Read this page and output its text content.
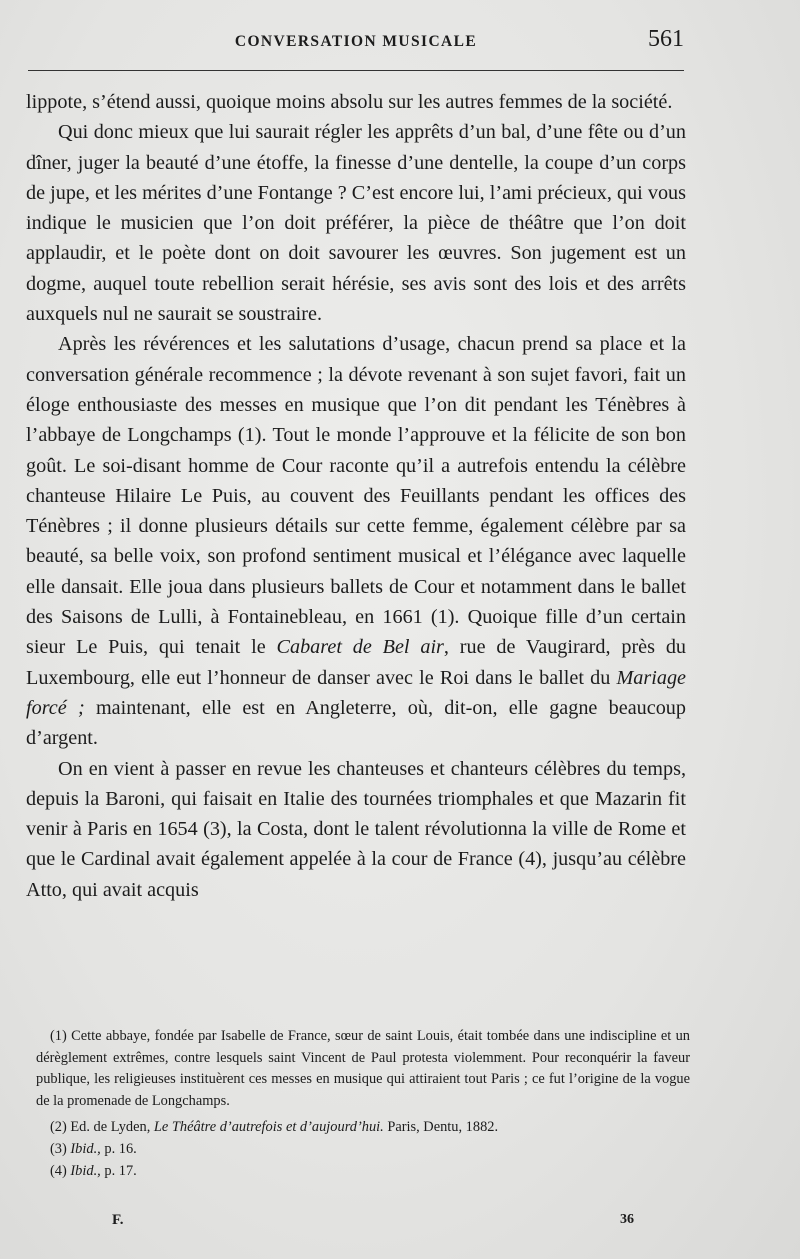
CONVERSATION MUSICALE	561

lippote, s’étend aussi, quoique moins absolu sur les autres femmes de la société.

Qui donc mieux que lui saurait régler les apprêts d’un bal, d’une fête ou d’un dîner, juger la beauté d’une étoffe, la finesse d’une dentelle, la coupe d’un corps de jupe, et les mérites d’une Fontange ? C’est encore lui, l’ami précieux, qui vous indique le musicien que l’on doit préférer, la pièce de théâtre que l’on doit applaudir, et le poète dont on doit savourer les œuvres. Son jugement est un dogme, auquel toute rebellion serait hérésie, ses avis sont des lois et des arrêts auxquels nul ne saurait se soustraire.

Après les révérences et les salutations d’usage, chacun prend sa place et la conversation générale recommence ; la dévote revenant à son sujet favori, fait un éloge enthousiaste des messes en musique que l’on dit pendant les Ténèbres à l’abbaye de Longchamps (1). Tout le monde l’approuve et la félicite de son bon goût. Le soi-disant homme de Cour raconte qu’il a autrefois entendu la célèbre chanteuse Hilaire Le Puis, au couvent des Feuillants pendant les offices des Ténèbres ; il donne plusieurs détails sur cette femme, également célèbre par sa beauté, sa belle voix, son profond sentiment musical et l’élégance avec laquelle elle dansait. Elle joua dans plusieurs ballets de Cour et notamment dans le ballet des Saisons de Lulli, à Fontainebleau, en 1661 (1). Quoique fille d’un certain sieur Le Puis, qui tenait le Cabaret de Bel air, rue de Vaugirard, près du Luxembourg, elle eut l’honneur de danser avec le Roi dans le ballet du Mariage forcé ; maintenant, elle est en Angleterre, où, dit-on, elle gagne beaucoup d’argent.

On en vient à passer en revue les chanteuses et chanteurs célèbres du temps, depuis la Baroni, qui faisait en Italie des tournées triomphales et que Mazarin fit venir à Paris en 1654 (3), la Costa, dont le talent révolutionna la ville de Rome et que le Cardinal avait également appelée à la cour de France (4), jusqu’au célèbre Atto, qui avait acquis

(1) Cette abbaye, fondée par Isabelle de France, sœur de saint Louis, était tombée dans une indiscipline et un dérèglement extrêmes, contre lesquels saint Vincent de Paul protesta violemment. Pour reconquérir la faveur publique, les religieuses instituèrent ces messes en musique qui attiraient tout Paris ; ce fut l’origine de la vogue de la promenade de Longchamps.

(2) Ed. de Lyden, Le Théâtre d’autrefois et d’aujourd’hui. Paris, Dentu, 1882.

(3) Ibid., p. 16.

(4) Ibid., p. 17.

F.	36
